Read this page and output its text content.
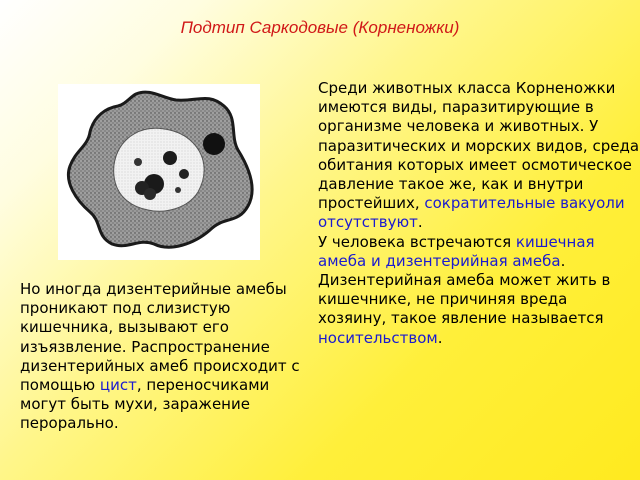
Подтип Саркодовые (Корненожки)

Среди животных класса Корненожки имеются виды, паразитирующие в организме человека и животных. У паразитических и морских видов, среда обитания которых имеет осмотическое давление такое же, как и внутри простейших, сократительные вакуоли отсутствуют.

У человека встречаются кишечная амеба и дизентерийная амеба. Дизентерийная амеба может жить в кишечнике, не причиняя вреда хозяину, такое явление называется носительством.

Но иногда дизентерийные амебы проникают под слизистую кишечника, вызывают его изъязвление. Распространение дизентерийных амеб происходит с помощью цист, переносчиками могут быть мухи, заражение перорально.
